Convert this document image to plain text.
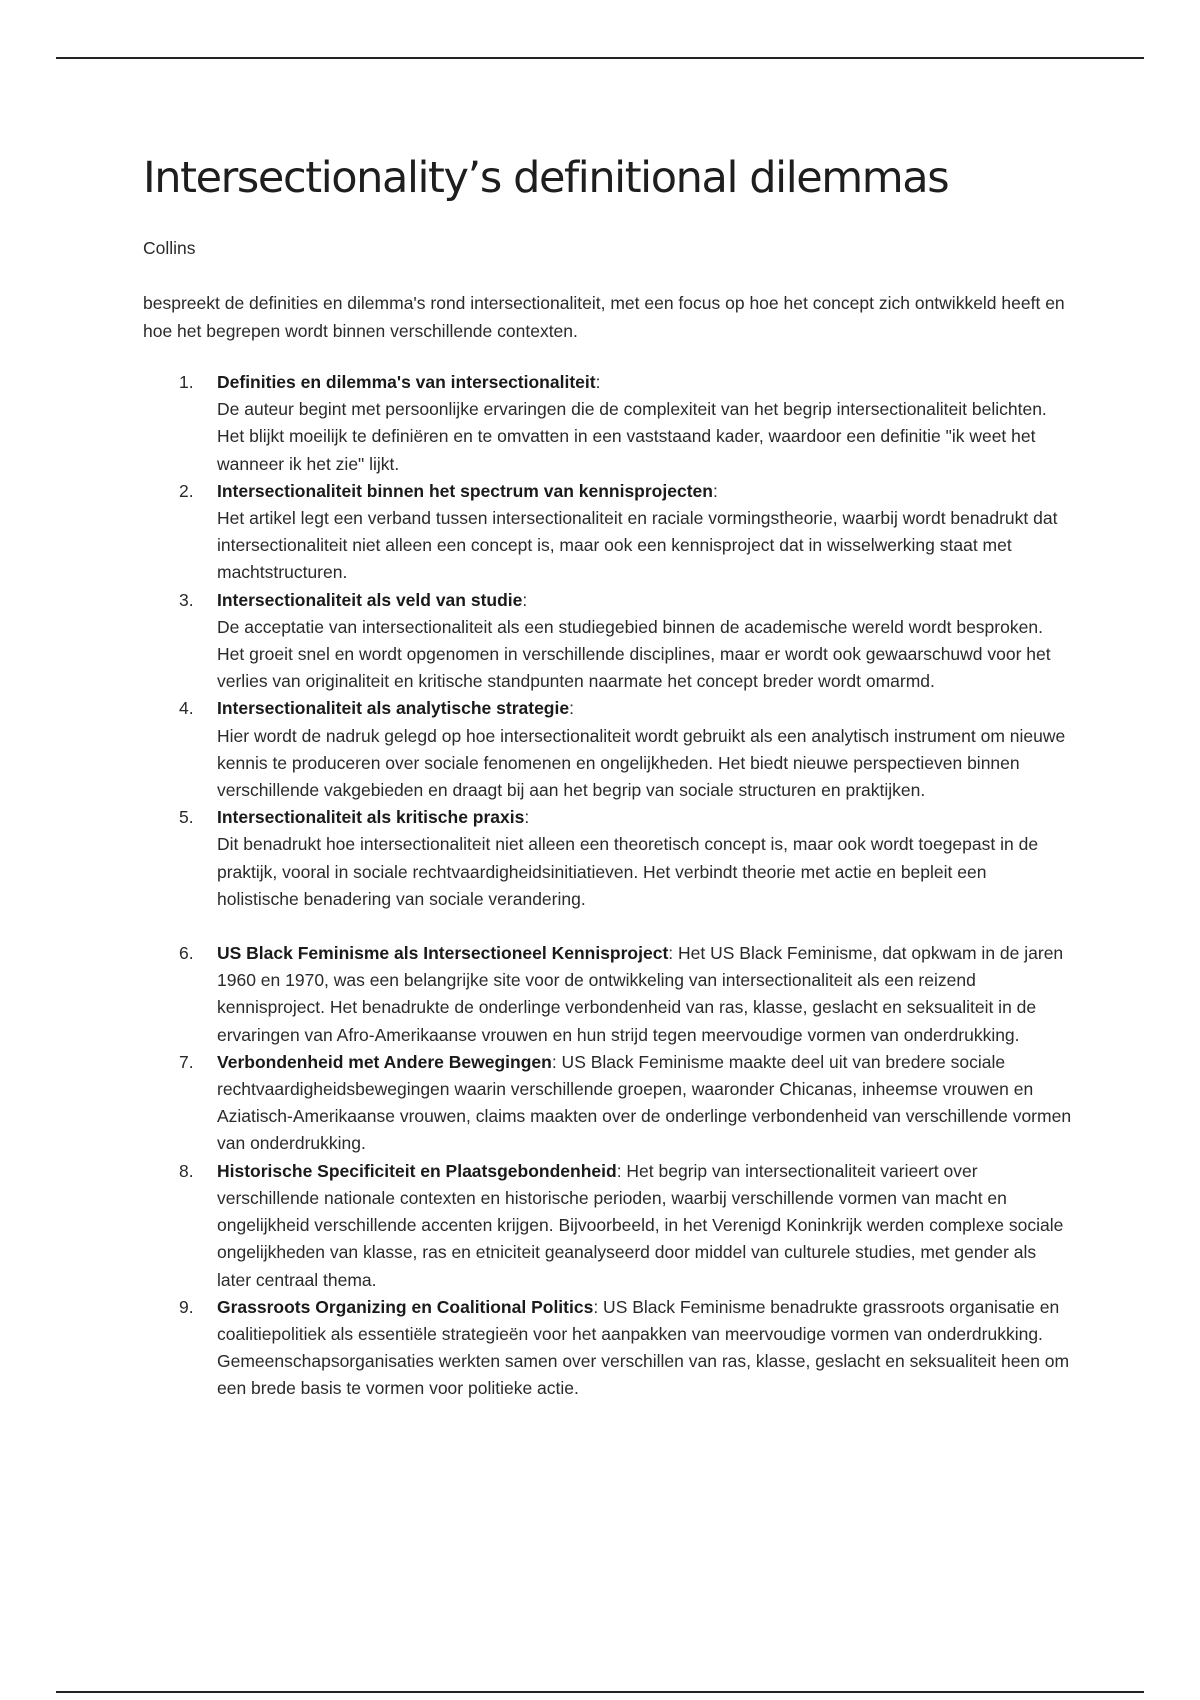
Intersectionality’s definitional dilemmas

Collins

bespreekt de definities en dilemma's rond intersectionaliteit, met een focus op hoe het concept zich ontwikkeld heeft en hoe het begrepen wordt binnen verschillende contexten.

1. Definities en dilemma's van intersectionaliteit:
De auteur begint met persoonlijke ervaringen die de complexiteit van het begrip intersectionaliteit belichten. Het blijkt moeilijk te definiëren en te omvatten in een vaststaand kader, waardoor een definitie "ik weet het wanneer ik het zie" lijkt.
2. Intersectionaliteit binnen het spectrum van kennisprojecten:
Het artikel legt een verband tussen intersectionaliteit en raciale vormingstheorie, waarbij wordt benadrukt dat intersectionaliteit niet alleen een concept is, maar ook een kennisproject dat in wisselwerking staat met machtstructuren.
3. Intersectionaliteit als veld van studie:
De acceptatie van intersectionaliteit als een studiegebied binnen de academische wereld wordt besproken. Het groeit snel en wordt opgenomen in verschillende disciplines, maar er wordt ook gewaarschuwd voor het verlies van originaliteit en kritische standpunten naarmate het concept breder wordt omarmd.
4. Intersectionaliteit als analytische strategie:
Hier wordt de nadruk gelegd op hoe intersectionaliteit wordt gebruikt als een analytisch instrument om nieuwe kennis te produceren over sociale fenomenen en ongelijkheden. Het biedt nieuwe perspectieven binnen verschillende vakgebieden en draagt bij aan het begrip van sociale structuren en praktijken.
5. Intersectionaliteit als kritische praxis:
Dit benadrukt hoe intersectionaliteit niet alleen een theoretisch concept is, maar ook wordt toegepast in de praktijk, vooral in sociale rechtvaardigheidsinitiatieven. Het verbindt theorie met actie en bepleit een holistische benadering van sociale verandering.
6. US Black Feminisme als Intersectioneel Kennisproject: Het US Black Feminisme, dat opkwam in de jaren 1960 en 1970, was een belangrijke site voor de ontwikkeling van intersectionaliteit als een reizend kennisproject. Het benadrukte de onderlinge verbondenheid van ras, klasse, geslacht en seksualiteit in de ervaringen van Afro-Amerikaanse vrouwen en hun strijd tegen meervoudige vormen van onderdrukking.
7. Verbondenheid met Andere Bewegingen: US Black Feminisme maakte deel uit van bredere sociale rechtvaardigheidsbewegingen waarin verschillende groepen, waaronder Chicanas, inheemse vrouwen en Aziatisch-Amerikaanse vrouwen, claims maakten over de onderlinge verbondenheid van verschillende vormen van onderdrukking.
8. Historische Specificiteit en Plaatsgebondenheid: Het begrip van intersectionaliteit varieert over verschillende nationale contexten en historische perioden, waarbij verschillende vormen van macht en ongelijkheid verschillende accenten krijgen. Bijvoorbeeld, in het Verenigd Koninkrijk werden complexe sociale ongelijkheden van klasse, ras en etniciteit geanalyseerd door middel van culturele studies, met gender als later centraal thema.
9. Grassroots Organizing en Coalitional Politics: US Black Feminisme benadrukte grassroots organisatie en coalitiepolitiek als essentiële strategieën voor het aanpakken van meervoudige vormen van onderdrukking. Gemeenschapsorganisaties werkten samen over verschillen van ras, klasse, geslacht en seksualiteit heen om een brede basis te vormen voor politieke actie.
